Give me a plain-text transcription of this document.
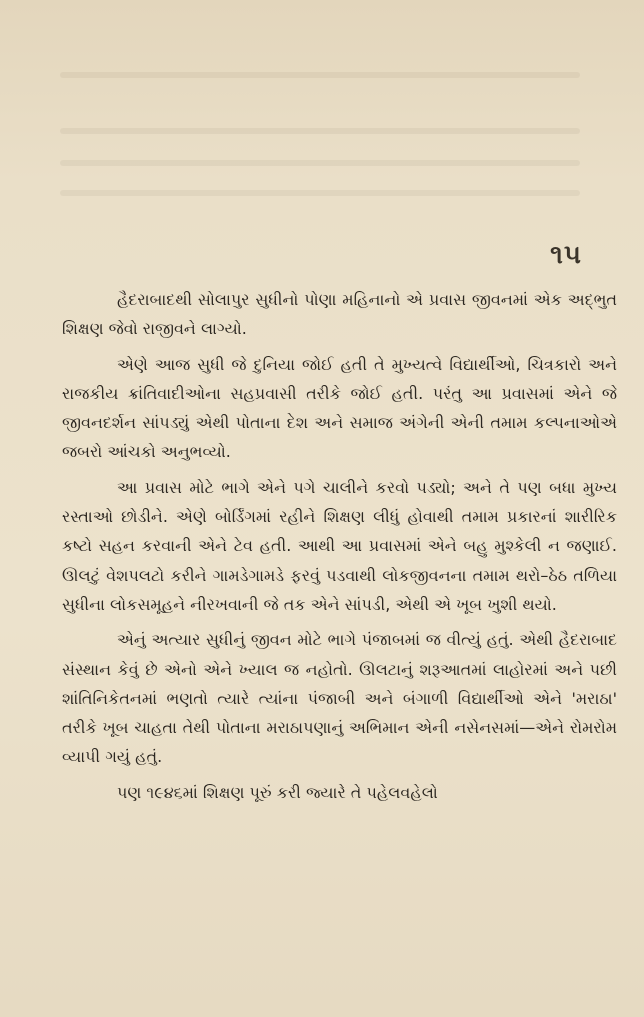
૧૫

હૈદરાબાદથી સોલાપુર સુધીનો પોણા મહિનાનો એ પ્રવાસ જીવનમાં એક અદ્ભુત શિક્ષણ જેવો રાજીવને લાગ્યો.

એણે આજ સુધી જે દુનિયા જોઈ હતી તે મુખ્યત્વે વિદ્યાર્થીઓ, ચિત્રકારો અને રાજકીય ક્રાંતિવાદીઓના સહપ્રવાસી તરીકે જોઈ હતી. પરંતુ આ પ્રવાસમાં એને જે જીવનદર્શન સાંપડ્યું એથી પોતાના દેશ અને સમાજ અંગેની એની તમામ કલ્પનાઓએ જબરો આંચકો અનુભવ્યો.

આ પ્રવાસ મોટે ભાગે એને પગે ચાલીને કરવો પડ્યો; અને તે પણ બધા મુખ્ય રસ્તાઓ છોડીને. એણે બોર્ડિંગમાં રહીને શિક્ષણ લીધું હોવાથી તમામ પ્રકારનાં શારીરિક કષ્ટો સહન કરવાની એને ટેવ હતી. આથી આ પ્રવાસમાં એને બહુ મુશ્કેલી ન જણાઈ. ઊલટું વેશપલટો કરીને ગામડેગામડે ફરવું પડવાથી લોકજીવનના તમામ થરો–ઠેઠ તળિયા સુધીના લોકસમૂહને નીરખવાની જે તક એને સાંપડી, એથી એ ખૂબ ખુશી થયો.

એનું અત્યાર સુધીનું જીવન મોટે ભાગે પંજાબમાં જ વીત્યું હતું. એથી હૈદરાબાદ સંસ્થાન કેવું છે એનો એને ખ્યાલ જ નહોતો. ઊલટાનું શરૂઆતમાં લાહોરમાં અને પછી શાંતિનિકેતનમાં ભણતો ત્યારે ત્યાંના પંજાબી અને બંગાળી વિદ્યાર્થીઓ એને 'મરાઠા' તરીકે ખૂબ ચાહતા તેથી પોતાના મરાઠાપણાનું અભિમાન એની નસેનસમાં—એને રોમરોમ વ્યાપી ગયું હતું.

પણ ૧૯૪૬માં શિક્ષણ પૂરું કરી જ્યારે તે પહેલવહેલો
